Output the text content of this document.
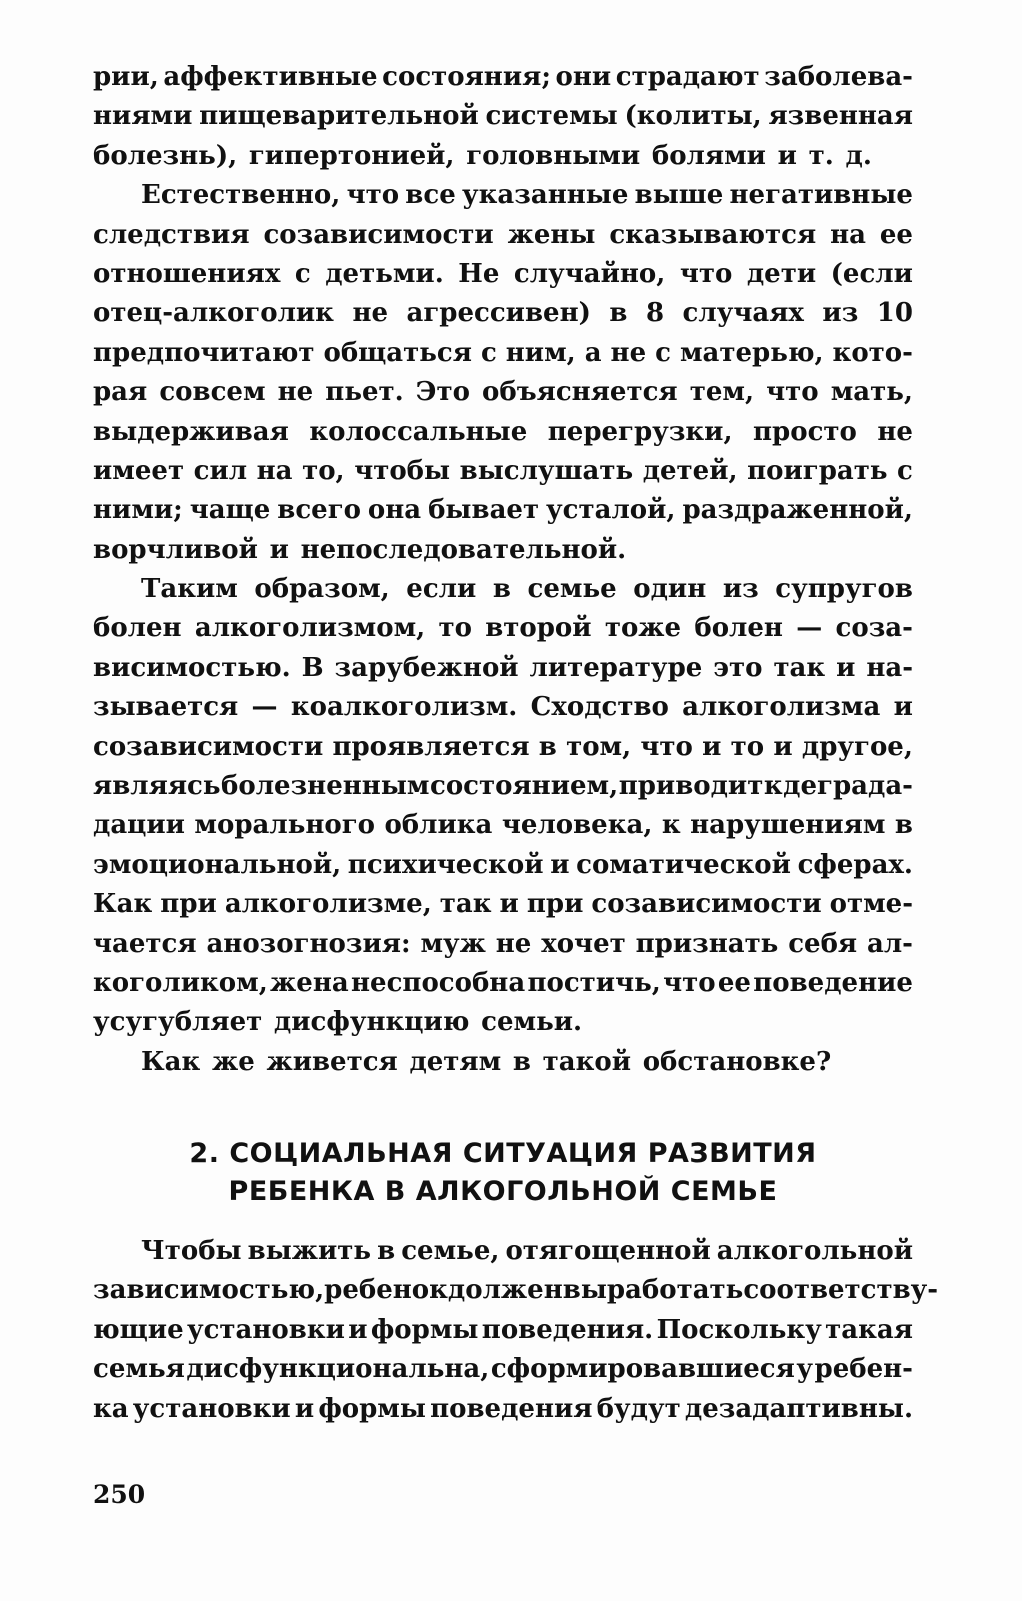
рии, аффективные состояния; они страдают заболева-
ниями пищеварительной системы (колиты, язвенная
болезнь), гипертонией, головными болями и т. д.
Естественно, что все указанные выше негативные
следствия созависимости жены сказываются на ее
отношениях с детьми. Не случайно, что дети (если
отец-алкоголик не агрессивен) в 8 случаях из 10
предпочитают общаться с ним, а не с матерью, кото-
рая совсем не пьет. Это объясняется тем, что мать,
выдерживая колоссальные перегрузки, просто не
имеет сил на то, чтобы выслушать детей, поиграть с
ними; чаще всего она бывает усталой, раздраженной,
ворчливой и непоследовательной.
Таким образом, если в семье один из супругов
болен алкоголизмом, то второй тоже болен — соза-
висимостью. В зарубежной литературе это так и на-
зывается — коалкоголизм. Сходство алкоголизма и
созависимости проявляется в том, что и то и другое,
являясь болезненным состоянием, приводит к деграда-
дации морального облика человека, к нарушениям в
эмоциональной, психической и соматической сферах.
Как при алкоголизме, так и при созависимости отме-
чается анозогнозия: муж не хочет признать себя ал-
коголиком, жена неспособна постичь, что ее поведение
усугубляет дисфункцию семьи.
Как же живется детям в такой обстановке?
2. СОЦИАЛЬНАЯ СИТУАЦИЯ РАЗВИТИЯ
РЕБЕНКА В АЛКОГОЛЬНОЙ СЕМЬЕ
Чтобы выжить в семье, отягощенной алкогольной
зависимостью, ребенок должен выработать соответству-
ющие установки и формы поведения. Поскольку такая
семья дисфункциональна, сформировавшиеся у ребен-
ка установки и формы поведения будут дезадаптивны.
250
